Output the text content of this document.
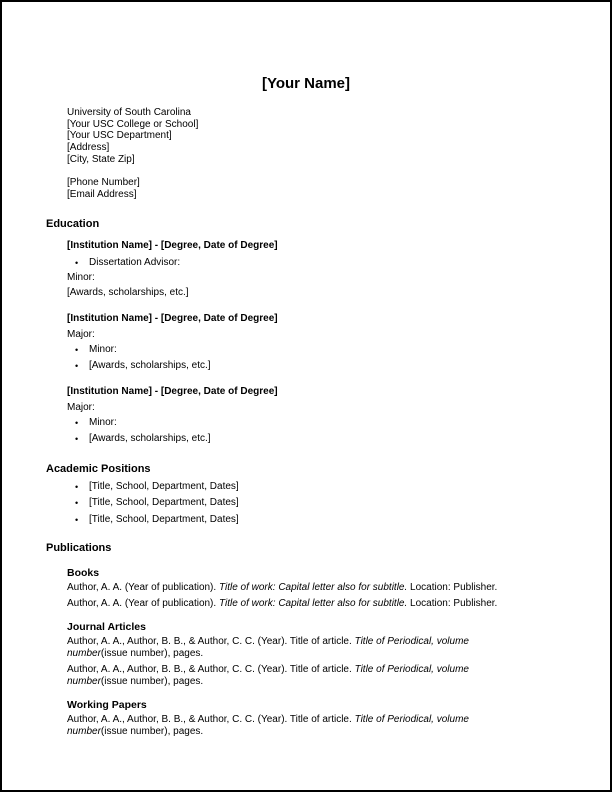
[Your Name]
University of South Carolina
[Your USC College or School]
[Your USC Department]
[Address]
[City, State Zip]
[Phone Number]
[Email Address]
Education
[Institution Name] - [Degree, Date of Degree]
• Dissertation Advisor:
Minor:
[Awards, scholarships, etc.]
[Institution Name] - [Degree, Date of Degree]
Major:
• Minor:
• [Awards, scholarships, etc.]
[Institution Name] - [Degree, Date of Degree]
Major:
• Minor:
• [Awards, scholarships, etc.]
Academic Positions
• [Title, School, Department, Dates]
• [Title, School, Department, Dates]
• [Title, School, Department, Dates]
Publications
Books
Author, A. A. (Year of publication). Title of work: Capital letter also for subtitle. Location: Publisher.
Author, A. A. (Year of publication). Title of work: Capital letter also for subtitle. Location: Publisher.
Journal Articles
Author, A. A., Author, B. B., & Author, C. C. (Year). Title of article. Title of Periodical, volume
number(issue number), pages.
Author, A. A., Author, B. B., & Author, C. C. (Year). Title of article. Title of Periodical, volume
number(issue number), pages.
Working Papers
Author, A. A., Author, B. B., & Author, C. C. (Year). Title of article. Title of Periodical, volume
number(issue number), pages.
